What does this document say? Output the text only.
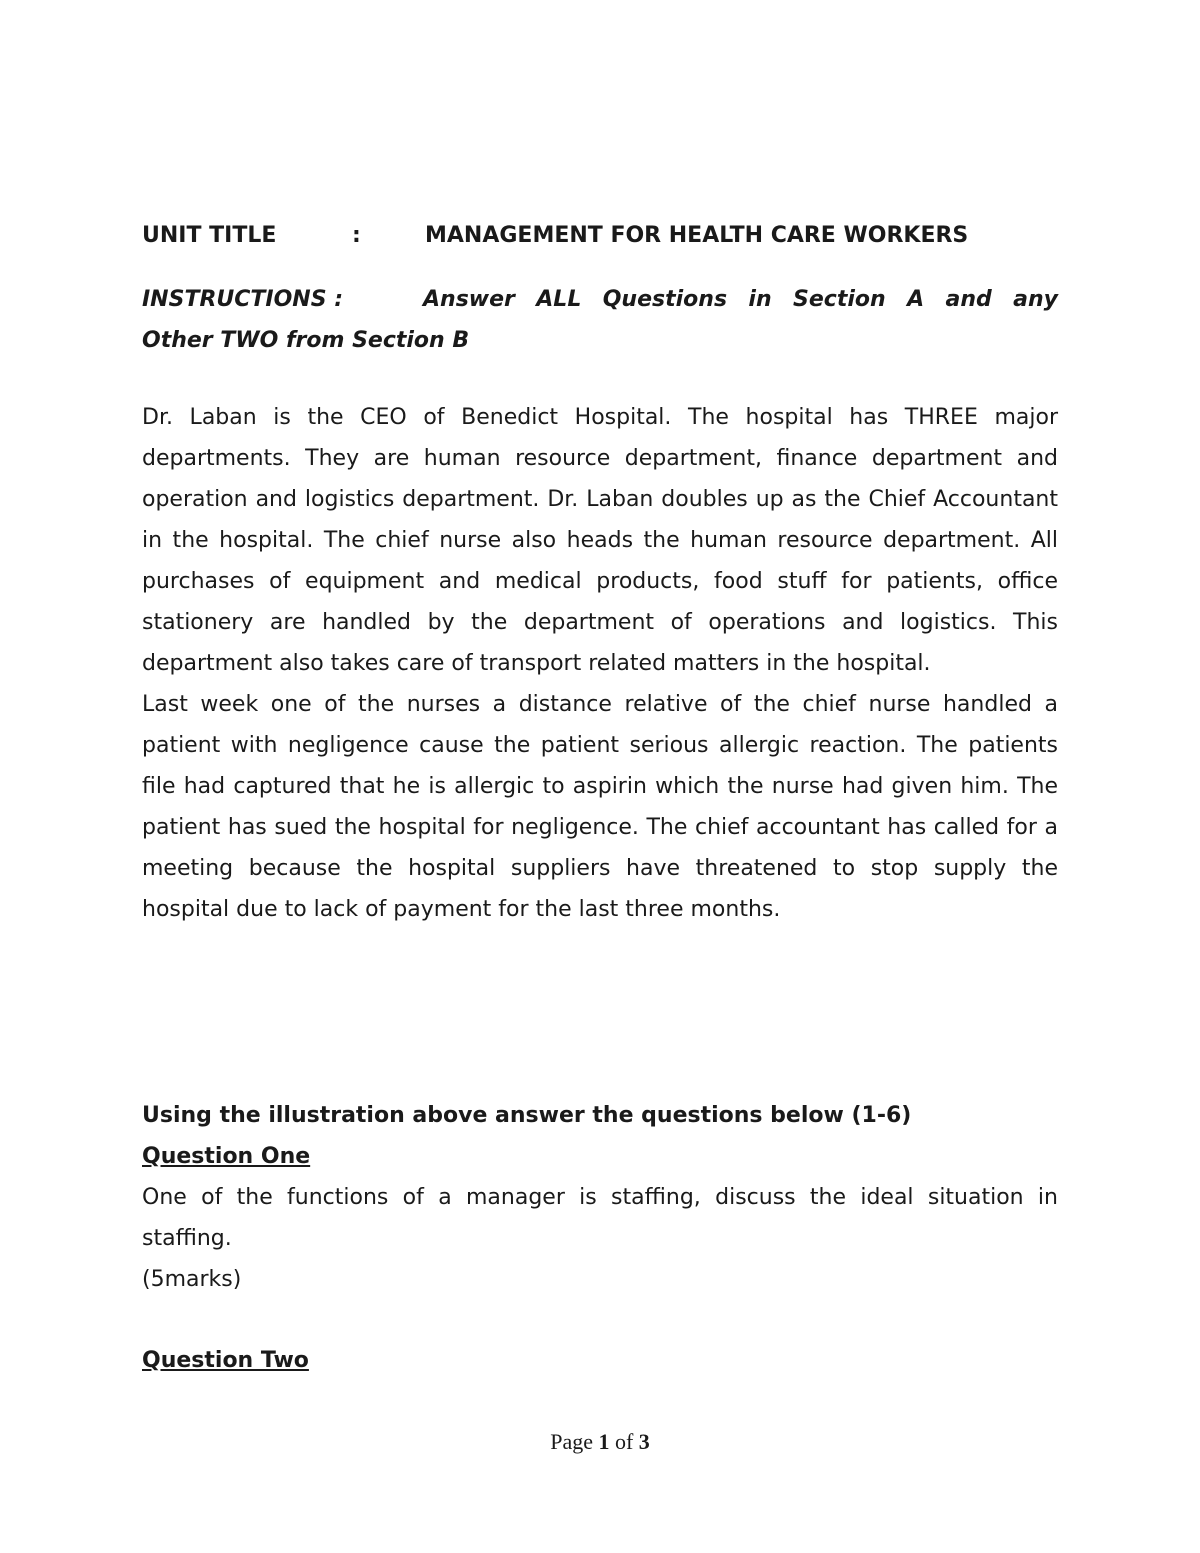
UNIT TITLE	:	MANAGEMENT FOR HEALTH CARE WORKERS
INSTRUCTIONS :	Answer ALL Questions in Section A and any
Other TWO from Section B

Dr. Laban is the CEO of Benedict Hospital. The hospital has THREE major departments. They are human resource department, finance department and operation and logistics department. Dr. Laban doubles up as the Chief Accountant in the hospital. The chief nurse also heads the human resource department. All purchases of equipment and medical products, food stuff for patients, office stationery are handled by the department of operations and logistics. This department also takes care of transport related matters in the hospital.

Last week one of the nurses a distance relative of the chief nurse handled a patient with negligence cause the patient serious allergic reaction. The patients file had captured that he is allergic to aspirin which the nurse had given him. The patient has sued the hospital for negligence. The chief accountant has called for a meeting because the hospital suppliers have threatened to stop supply the hospital due to lack of payment for the last three months.

Using the illustration above answer the questions below (1-6)
Question One

One of the functions of a manager is staffing, discuss the ideal situation in staffing.

(5marks)
Question Two
Page 1 of 3
